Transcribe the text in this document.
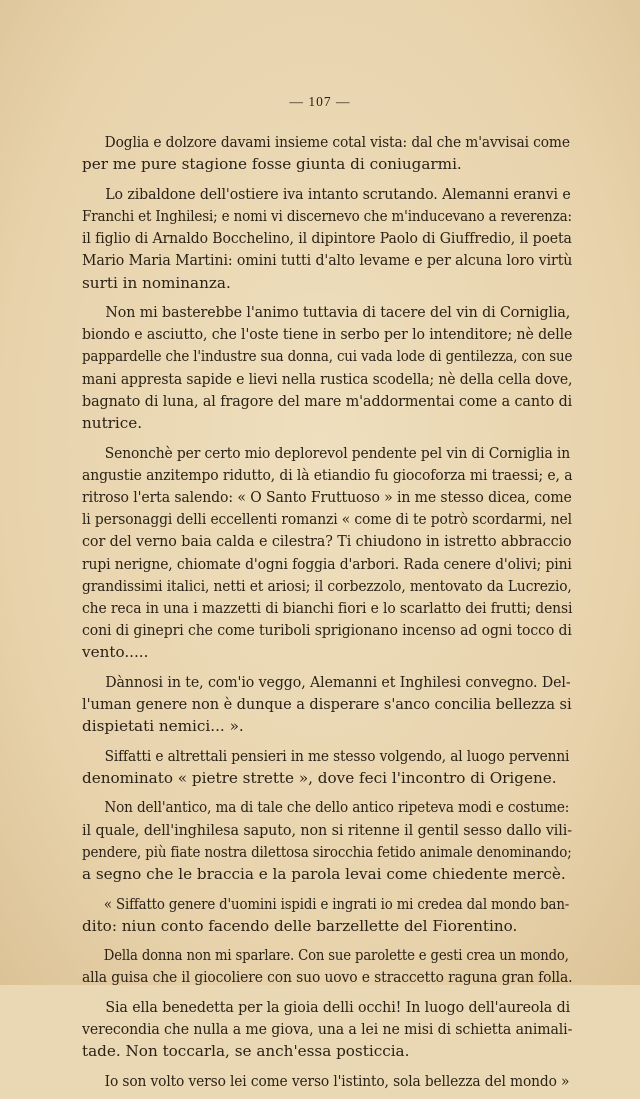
— 107 —
Doglia e dolzore davami insieme cotal vista: dal che m'avvisai come
per me pure stagione fosse giunta di coniugarmi.
Lo zibaldone dell'ostiere iva intanto scrutando. Alemanni eranvi e
Franchi et Inghilesi; e nomi vi discernevo che m'inducevano a reverenza:
il figlio di Arnaldo Bocchelino, il dipintore Paolo di Giuffredio, il poeta
Mario Maria Martini: omini tutti d'alto levame e per alcuna loro virtù
surti in nominanza.
Non mi basterebbe l'animo tuttavia di tacere del vin di Corniglia,
biondo e asciutto, che l'oste tiene in serbo per lo intenditore; nè delle
pappardelle che l'industre sua donna, cui vada lode di gentilezza, con sue
mani appresta sapide e lievi nella rustica scodella; nè della cella dove,
bagnato di luna, al fragore del mare m'addormentai come a canto di
nutrice.
Senonchè per certo mio deplorevol pendente pel vin di Corniglia in
angustie anzitempo ridutto, di là etiandio fu giocoforza mi traessi; e, a
ritroso l'erta salendo: « O Santo Fruttuoso » in me stesso dicea, come
li personaggi delli eccellenti romanzi « come di te potrò scordarmi, nel
cor del verno baia calda e cilestra? Ti chiudono in istretto abbraccio
rupi nerigne, chiomate d'ogni foggia d'arbori. Rada cenere d'olivi; pini
grandissimi italici, netti et ariosi; il corbezzolo, mentovato da Lucrezio,
che reca in una i mazzetti di bianchi fiori e lo scarlatto dei frutti; densi
coni di ginepri che come turiboli sprigionano incenso ad ogni tocco di
vento.....
Dànnosi in te, com'io veggo, Alemanni et Inghilesi convegno. Del-
l'uman genere non è dunque a disperare s'anco concilia bellezza si
dispietati nemici... ».
Siffatti e altrettali pensieri in me stesso volgendo, al luogo pervenni
denominato « pietre strette », dove feci l'incontro di Origene.
Non dell'antico, ma di tale che dello antico ripeteva modi e costume:
il quale, dell'inghilesa saputo, non si ritenne il gentil sesso dallo vili-
pendere, più fiate nostra dilettosa sirocchia fetido animale denominando;
a segno che le braccia e la parola levai come chiedente mercè.
« Siffatto genere d'uomini ispidi e ingrati io mi credea dal mondo ban-
dito: niun conto facendo delle barzellette del Fiorentino.
Della donna non mi sparlare. Con sue parolette e gesti crea un mondo,
alla guisa che il giocoliere con suo uovo e straccetto raguna gran folla.
Sia ella benedetta per la gioia delli occhi! In luogo dell'aureola di
verecondia che nulla a me giova, una a lei ne misi di schietta animali-
tade. Non toccarla, se anch'essa posticcia.
Io son volto verso lei come verso l'istinto, sola bellezza del mondo »
